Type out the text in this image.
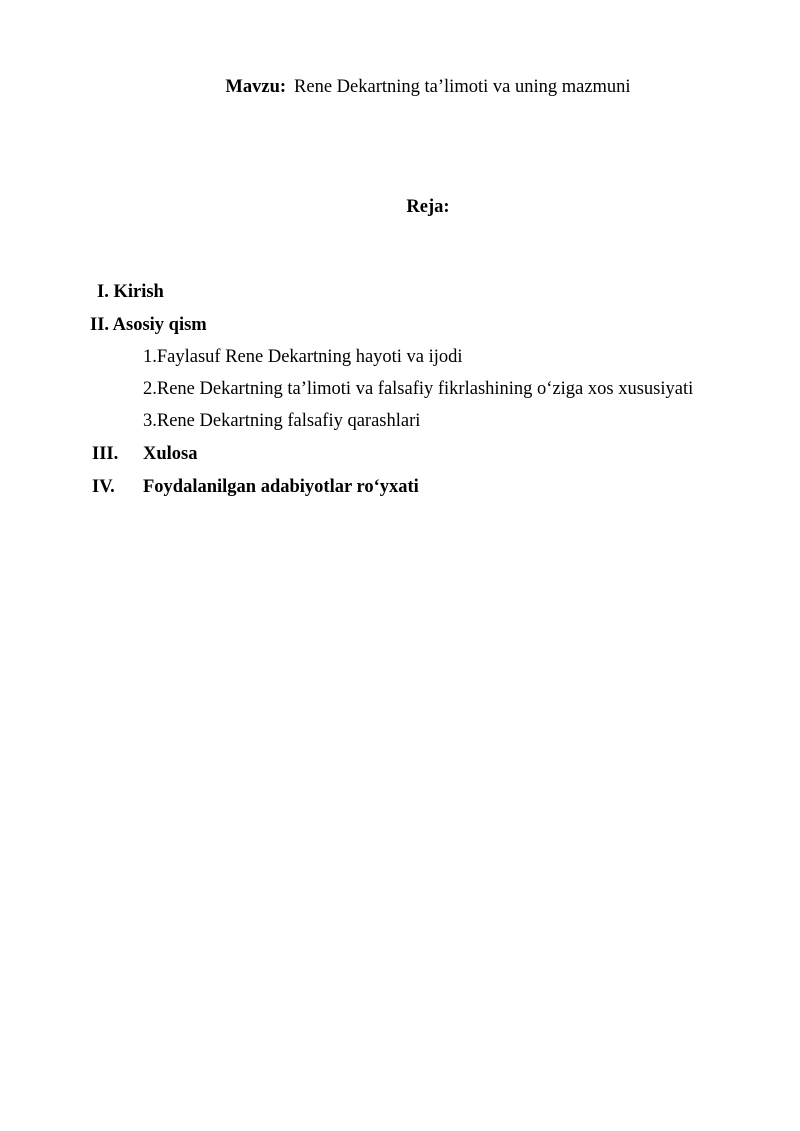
Mavzu: Rene Dekartning ta’limoti va uning mazmuni
Reja:
I. Kirish
II. Asosiy qism
1.Faylasuf Rene Dekartning hayoti va ijodi
2.Rene Dekartning ta’limoti va falsafiy fikrlashining o‘ziga xos xususiyati
3.Rene Dekartning falsafiy qarashlari
III. Xulosa
IV. Foydalanilgan adabiyotlar ro‘yxati
